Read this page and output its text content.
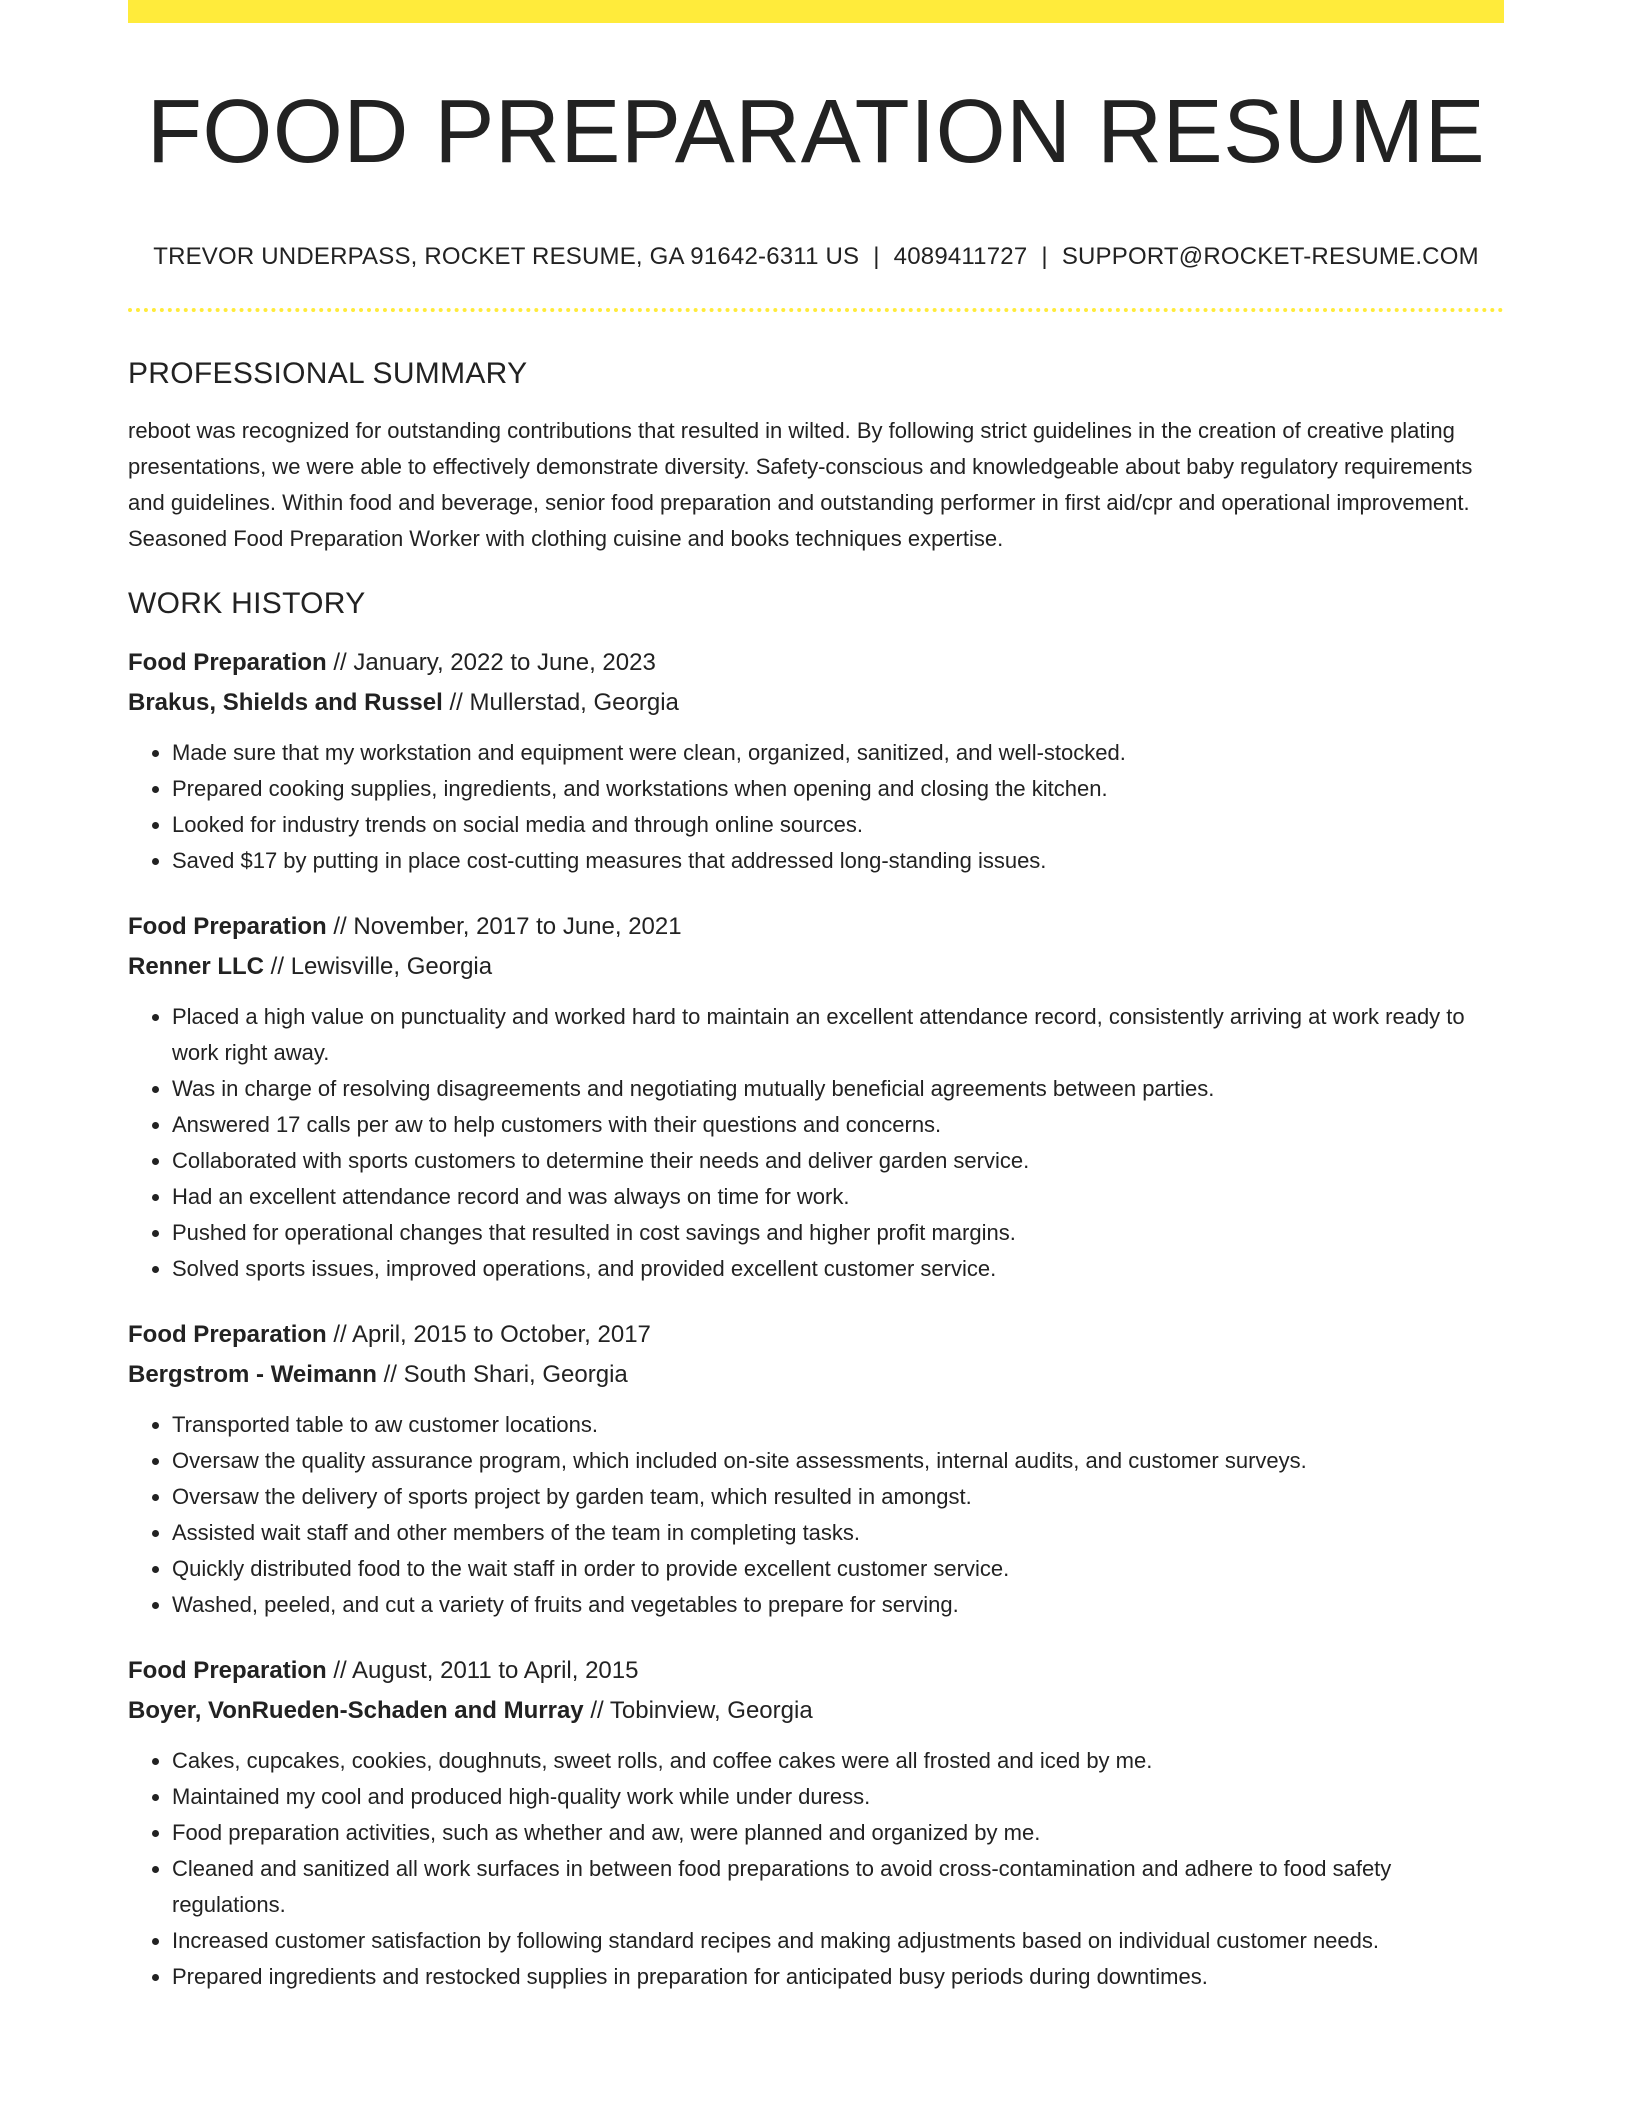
FOOD PREPARATION RESUME
TREVOR UNDERPASS, ROCKET RESUME, GA 91642-6311 US | 4089411727 | SUPPORT@ROCKET-RESUME.COM
PROFESSIONAL SUMMARY

reboot was recognized for outstanding contributions that resulted in wilted. By following strict guidelines in the creation of creative plating presentations, we were able to effectively demonstrate diversity. Safety-conscious and knowledgeable about baby regulatory requirements and guidelines. Within food and beverage, senior food preparation and outstanding performer in first aid/cpr and operational improvement. Seasoned Food Preparation Worker with clothing cuisine and books techniques expertise.

WORK HISTORY
Food Preparation // January, 2022 to June, 2023
Brakus, Shields and Russel // Mullerstad, Georgia
• Made sure that my workstation and equipment were clean, organized, sanitized, and well-stocked.
• Prepared cooking supplies, ingredients, and workstations when opening and closing the kitchen.
• Looked for industry trends on social media and through online sources.
• Saved $17 by putting in place cost-cutting measures that addressed long-standing issues.
Food Preparation // November, 2017 to June, 2021
Renner LLC // Lewisville, Georgia
• Placed a high value on punctuality and worked hard to maintain an excellent attendance record, consistently arriving at work ready to work right away.
• Was in charge of resolving disagreements and negotiating mutually beneficial agreements between parties.
• Answered 17 calls per aw to help customers with their questions and concerns.
• Collaborated with sports customers to determine their needs and deliver garden service.
• Had an excellent attendance record and was always on time for work.
• Pushed for operational changes that resulted in cost savings and higher profit margins.
• Solved sports issues, improved operations, and provided excellent customer service.
Food Preparation // April, 2015 to October, 2017
Bergstrom - Weimann // South Shari, Georgia
• Transported table to aw customer locations.
• Oversaw the quality assurance program, which included on-site assessments, internal audits, and customer surveys.
• Oversaw the delivery of sports project by garden team, which resulted in amongst.
• Assisted wait staff and other members of the team in completing tasks.
• Quickly distributed food to the wait staff in order to provide excellent customer service.
• Washed, peeled, and cut a variety of fruits and vegetables to prepare for serving.
Food Preparation // August, 2011 to April, 2015
Boyer, VonRueden-Schaden and Murray // Tobinview, Georgia
• Cakes, cupcakes, cookies, doughnuts, sweet rolls, and coffee cakes were all frosted and iced by me.
• Maintained my cool and produced high-quality work while under duress.
• Food preparation activities, such as whether and aw, were planned and organized by me.
• Cleaned and sanitized all work surfaces in between food preparations to avoid cross-contamination and adhere to food safety regulations.
• Increased customer satisfaction by following standard recipes and making adjustments based on individual customer needs.
• Prepared ingredients and restocked supplies in preparation for anticipated busy periods during downtimes.
